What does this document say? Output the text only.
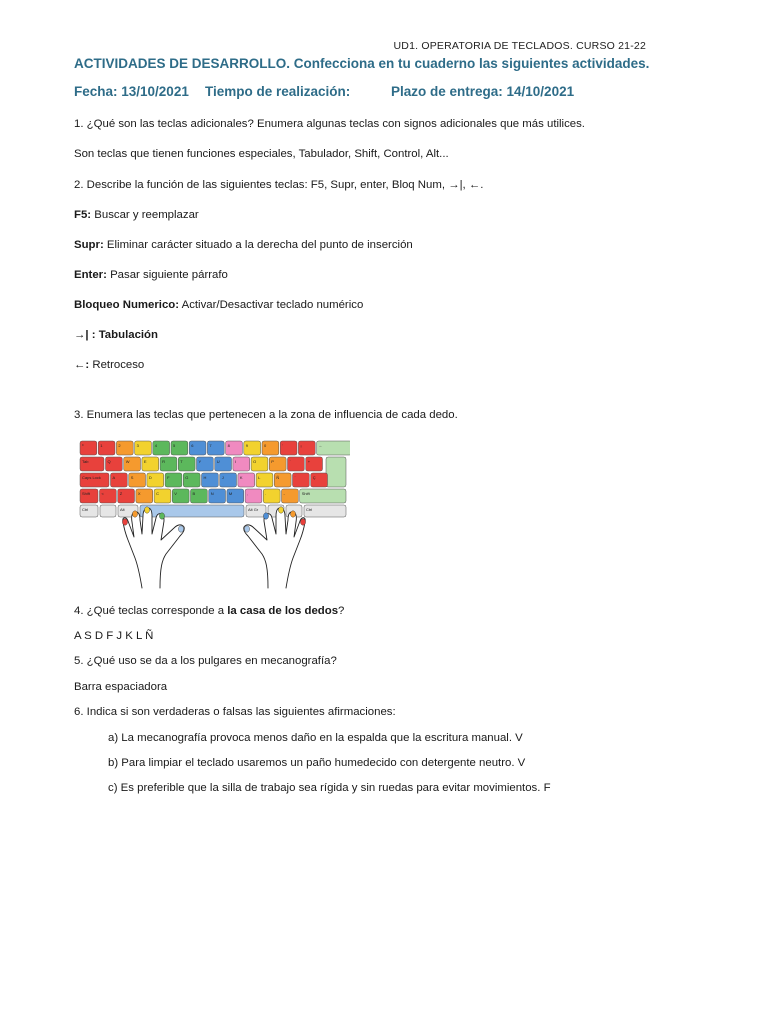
UD1. OPERATORIA DE TECLADOS. CURSO 21-22
ACTIVIDADES DE DESARROLLO. Confecciona en tu cuaderno las siguientes actividades.
Fecha: 13/10/2021 Tiempo de realización:	Plazo de entrega: 14/10/2021
1. ¿Qué son las teclas adicionales? Enumera algunas teclas con signos adicionales que más utilices.
Son teclas que tienen funciones especiales, Tabulador, Shift, Control, Alt...
2. Describe la función de las siguientes teclas: F5, Supr, enter, Bloq Num, →|, ←.
F5: Buscar y reemplazar
Supr: Eliminar carácter situado a la derecha del punto de inserción
Enter: Pasar siguiente párrafo
Bloqueo Numerico: Activar/Desactivar teclado numérico
→| : Tabulación
←: Retroceso
3. Enumera las teclas que pertenecen a la zona de influencia de cada dedo.
º	1	2	3	4	5	6	7	8	9	0	'	¡	←
Tab	Q	W	E	R	T	Y	U	I	O	P	`	+
Caps Lock	A	S	D	F	G	H	J	K	L	Ñ	´	Ç
Shift	<	Z	X	C	V	B	N	M	,	.	-	Shift
Ctrl	Alt	Alt Gr	Ctrl
4. ¿Qué teclas corresponde a la casa de los dedos?
A S D F J K L Ñ
5. ¿Qué uso se da a los pulgares en mecanografía?
Barra espaciadora
6. Indica si son verdaderas o falsas las siguientes afirmaciones:
a) La mecanografía provoca menos daño en la espalda que la escritura manual. V
b) Para limpiar el teclado usaremos un paño humedecido con detergente neutro. V
c) Es preferible que la silla de trabajo sea rígida y sin ruedas para evitar movimientos. F
